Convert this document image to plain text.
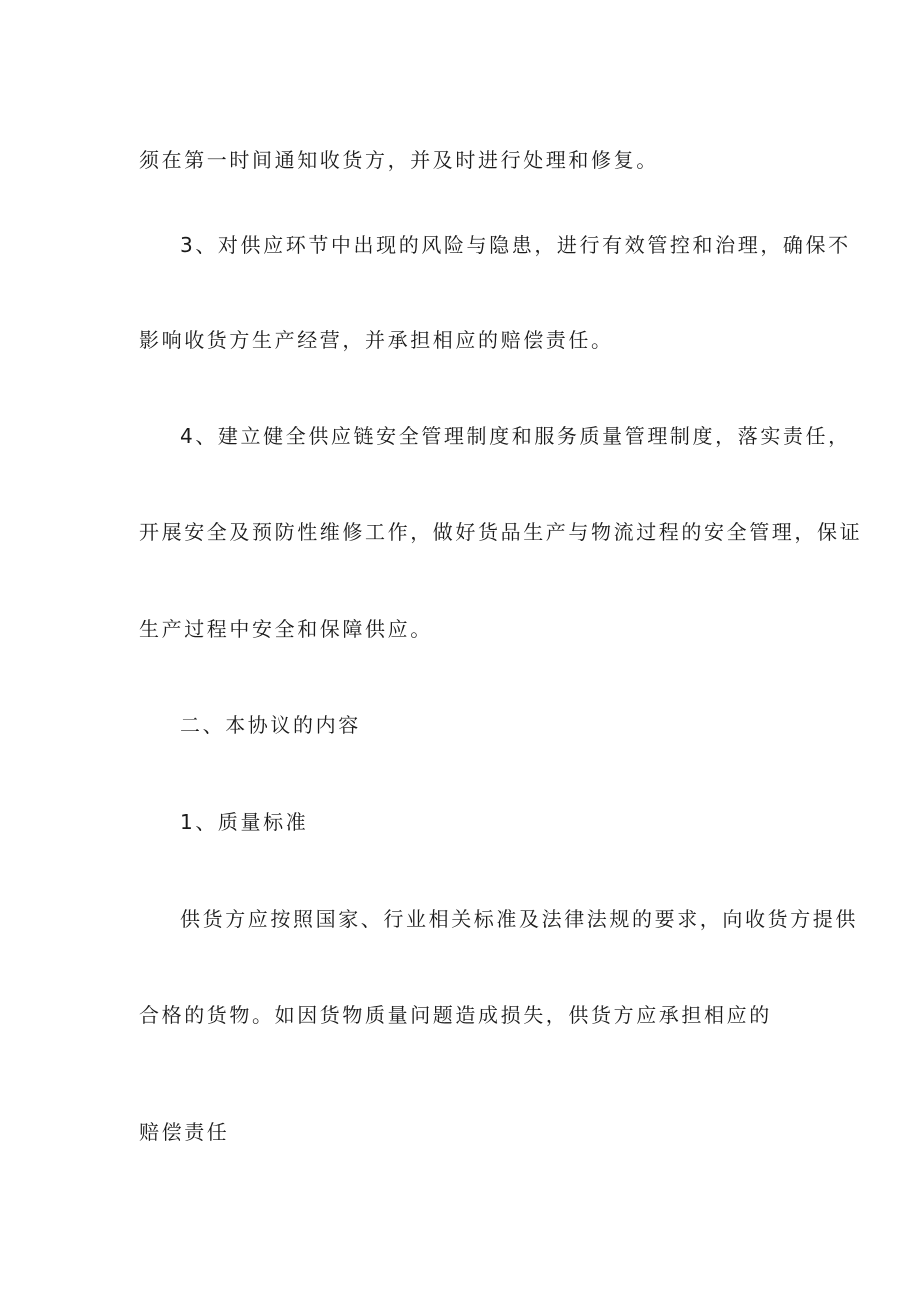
须在第一时间通知收货方，并及时进行处理和修复。
3、对供应环节中出现的风险与隐患，进行有效管控和治理，确保不
影响收货方生产经营，并承担相应的赔偿责任。
4、建立健全供应链安全管理制度和服务质量管理制度，落实责任，
开展安全及预防性维修工作，做好货品生产与物流过程的安全管理，保证
生产过程中安全和保障供应。
二、本协议的内容
1、质量标准
供货方应按照国家、行业相关标准及法律法规的要求，向收货方提供
合格的货物。如因货物质量问题造成损失，供货方应承担相应的
赔偿责任
